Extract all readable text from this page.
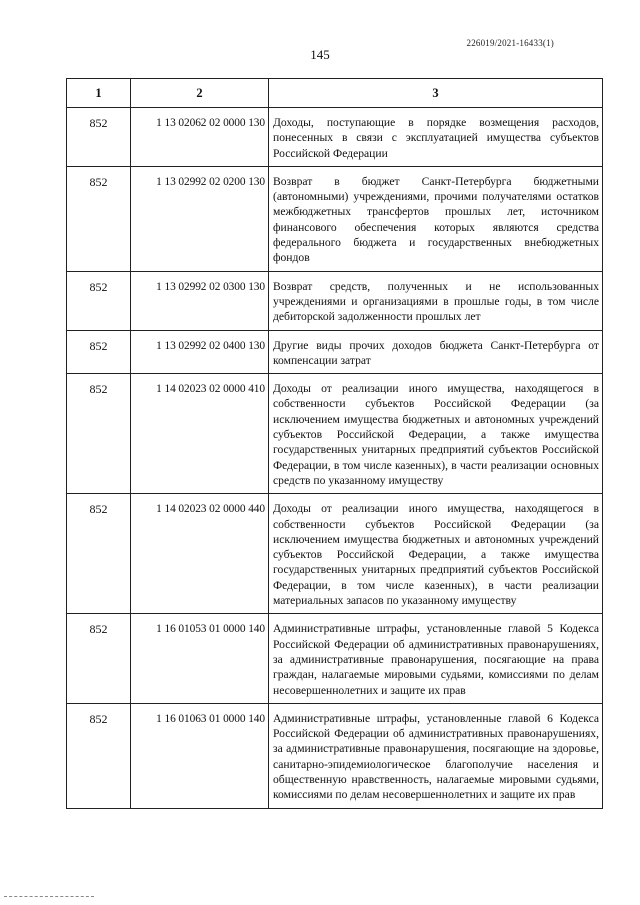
226019/2021-16433(1)
145
1	2	3
852	1 13 02062 02 0000 130	Доходы, поступающие в порядке возмещения расходов, понесенных в связи с эксплуатацией имущества субъектов Российской Федерации
852	1 13 02992 02 0200 130	Возврат в бюджет Санкт-Петербурга бюджетными (автономными) учреждениями, прочими получателями остатков межбюджетных трансфертов прошлых лет, источником финансового обеспечения которых являются средства федерального бюджета и государственных внебюджетных фондов
852	1 13 02992 02 0300 130	Возврат средств, полученных и не использованных учреждениями и организациями в прошлые годы, в том числе дебиторской задолженности прошлых лет
852	1 13 02992 02 0400 130	Другие виды прочих доходов бюджета Санкт-Петербурга от компенсации затрат
852	1 14 02023 02 0000 410	Доходы от реализации иного имущества, находящегося в собственности субъектов Российской Федерации (за исключением имущества бюджетных и автономных учреждений субъектов Российской Федерации, а также имущества государственных унитарных предприятий субъектов Российской Федерации, в том числе казенных), в части реализации основных средств по указанному имуществу
852	1 14 02023 02 0000 440	Доходы от реализации иного имущества, находящегося в собственности субъектов Российской Федерации (за исключением имущества бюджетных и автономных учреждений субъектов Российской Федерации, а также имущества государственных унитарных предприятий субъектов Российской Федерации, в том числе казенных), в части реализации материальных запасов по указанному имуществу
852	1 16 01053 01 0000 140	Административные штрафы, установленные главой 5 Кодекса Российской Федерации об административных правонарушениях, за административные правонарушения, посягающие на права граждан, налагаемые мировыми судьями, комиссиями по делам несовершеннолетних и защите их прав
852	1 16 01063 01 0000 140	Административные штрафы, установленные главой 6 Кодекса Российской Федерации об административных правонарушениях, за административные правонарушения, посягающие на здоровье, санитарно-эпидемиологическое благополучие населения и общественную нравственность, налагаемые мировыми судьями, комиссиями по делам несовершеннолетних и защите их прав
